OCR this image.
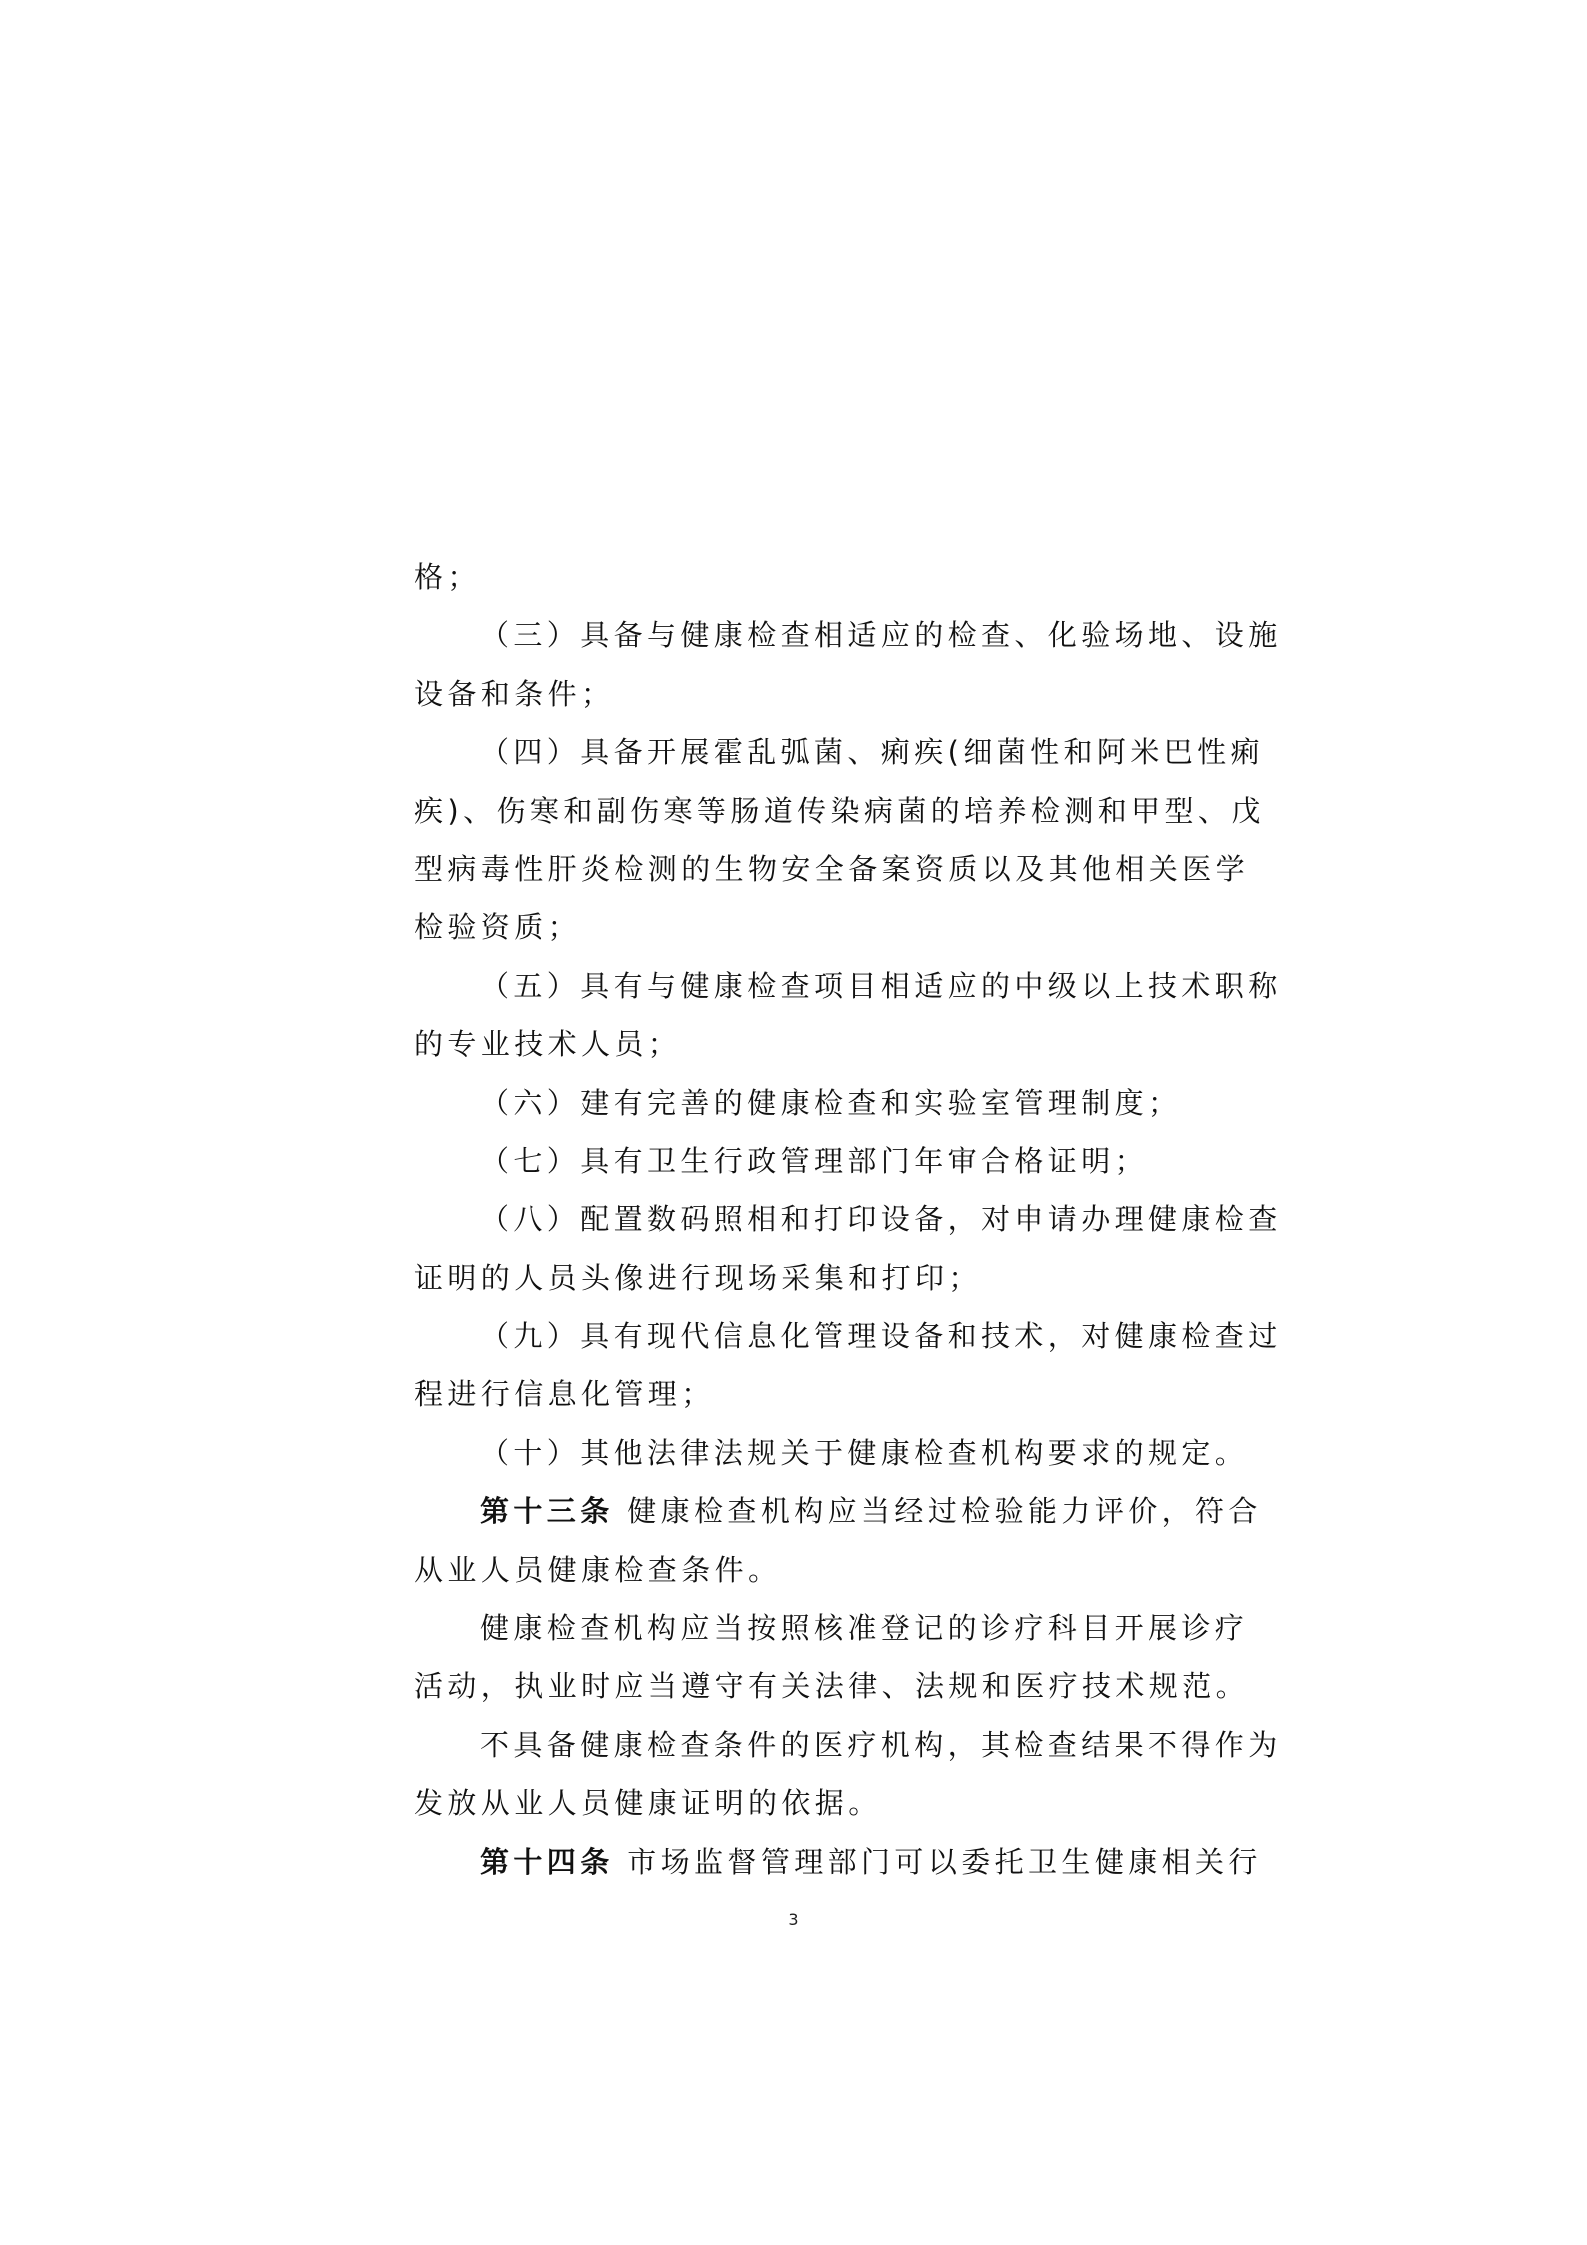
格；
（三）具备与健康检查相适应的检查、化验场地、设施
设备和条件；
（四）具备开展霍乱弧菌、痢疾(细菌性和阿米巴性痢
疾)、伤寒和副伤寒等肠道传染病菌的培养检测和甲型、戊
型病毒性肝炎检测的生物安全备案资质以及其他相关医学
检验资质；
（五）具有与健康检查项目相适应的中级以上技术职称
的专业技术人员；
（六）建有完善的健康检查和实验室管理制度；
（七）具有卫生行政管理部门年审合格证明；
（八）配置数码照相和打印设备，对申请办理健康检查
证明的人员头像进行现场采集和打印；
（九）具有现代信息化管理设备和技术，对健康检查过
程进行信息化管理；
（十）其他法律法规关于健康检查机构要求的规定。
第十三条 健康检查机构应当经过检验能力评价，符合
从业人员健康检查条件。
健康检查机构应当按照核准登记的诊疗科目开展诊疗
活动，执业时应当遵守有关法律、法规和医疗技术规范。
不具备健康检查条件的医疗机构，其检查结果不得作为
发放从业人员健康证明的依据。
第十四条 市场监督管理部门可以委托卫生健康相关行
3
